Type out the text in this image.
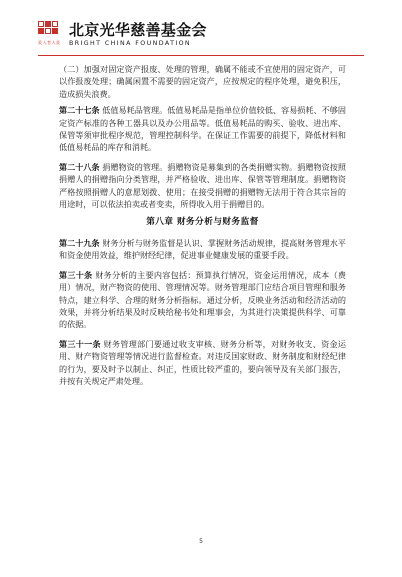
爱人者人爱
北京光华慈善基金会
BRIGHT CHINA FOUNDATION

（二）加强对固定资产报废、处理的管理，确属不能或不宜使用的固定资产，可以作报废处理；确属闲置不需要的固定资产，应按规定的程序处理，避免积压，造成损失浪费。

第二十七条 低值易耗品管理。低值易耗品是指单位价值较低、容易损耗、不够固定资产标准的各种工器具以及办公用品等。低值易耗品的购买、验收、进出库、保管等须审批程序规范，管理控制科学。在保证工作需要的前提下，降低材料和低值易耗品的库存和消耗。

第二十八条 捐赠物资的管理。捐赠物资是募集到的各类捐赠实物。捐赠物资按照捐赠人的捐赠指向分类管理，并严格验收、进出库、保管等管理制度。捐赠物资严格按照捐赠人的意愿划拨、使用；在接受捐赠的捐赠物无法用于符合其宗旨的用途时，可以依法拍卖或者变卖，所得收入用于捐赠目的。

第八章 财务分析与财务监督

第二十九条 财务分析与财务监督是认识、掌握财务活动规律，提高财务管理水平和资金使用效益，维护财经纪律，促进事业健康发展的重要手段。

第三十条 财务分析的主要内容包括：预算执行情况，资金运用情况，成本（费用）情况，财产物资的使用、管理情况等。财务管理部门应结合项目管理和服务特点，建立科学、合理的财务分析指标。通过分析，反映业务活动和经济活动的效果，并将分析结果及时反映给秘书处和理事会，为其进行决策提供科学、可靠的依据。

第三十一条 财务管理部门要通过收支审核、财务分析等，对财务收支、资金运用、财产物资管理等情况进行监督检查。对违反国家财政、财务制度和财经纪律的行为，要及时予以制止、纠正，性质比较严重的，要向领导及有关部门报告，并按有关规定严肃处理。

5
